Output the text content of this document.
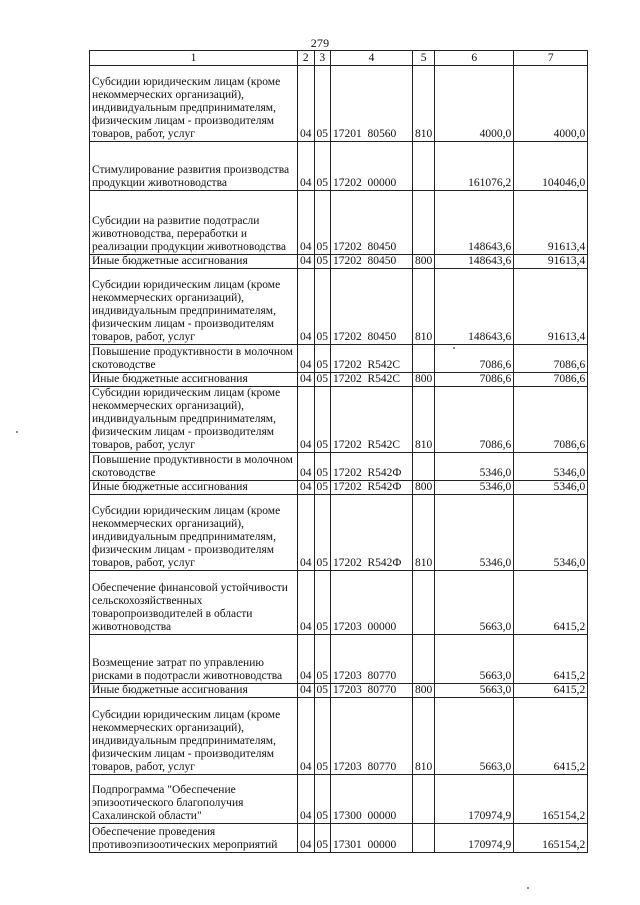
279
1	2	3	4	5	6	7
Субсидии юридическим лицам (кроме некоммерческих организаций), индивидуальным предпринимателям, физическим лицам - производителям товаров, работ, услуг	04	05	17201  80560	810	4000,0	4000,0
Стимулирование развития производства продукции животноводства	04	05	17202  00000		161076,2	104046,0
Субсидии на развитие подотрасли животноводства, переработки и реализации продукции животноводства	04	05	17202  80450		148643,6	91613,4
Иные бюджетные ассигнования	04	05	17202  80450	800	148643,6	91613,4
Субсидии юридическим лицам (кроме некоммерческих организаций), индивидуальным предпринимателям, физическим лицам - производителям товаров, работ, услуг	04	05	17202  80450	810	148643,6	91613,4
Повышение продуктивности в молочном скотоводстве	04	05	17202  R542С		7086,6	7086,6
Иные бюджетные ассигнования	04	05	17202  R542С	800	7086,6	7086,6
Субсидии юридическим лицам (кроме некоммерческих организаций), индивидуальным предпринимателям, физическим лицам - производителям товаров, работ, услуг	04	05	17202  R542С	810	7086,6	7086,6
Повышение продуктивности в молочном скотоводстве	04	05	17202  R542Ф		5346,0	5346,0
Иные бюджетные ассигнования	04	05	17202  R542Ф	800	5346,0	5346,0
Субсидии юридическим лицам (кроме некоммерческих организаций), индивидуальным предпринимателям, физическим лицам - производителям товаров, работ, услуг	04	05	17202  R542Ф	810	5346,0	5346,0
Обеспечение финансовой устойчивости сельскохозяйственных товаропроизводителей в области животноводства	04	05	17203  00000		5663,0	6415,2
Возмещение затрат по управлению рисками в подотрасли животноводства	04	05	17203  80770		5663,0	6415,2
Иные бюджетные ассигнования	04	05	17203  80770	800	5663,0	6415,2
Субсидии юридическим лицам (кроме некоммерческих организаций), индивидуальным предпринимателям, физическим лицам - производителям товаров, работ, услуг	04	05	17203  80770	810	5663,0	6415,2
Подпрограмма "Обеспечение эпизоотического благополучия Сахалинской области"	04	05	17300  00000		170974,9	165154,2
Обеспечение проведения противоэпизоотических мероприятий	04	05	17301  00000		170974,9	165154,2
